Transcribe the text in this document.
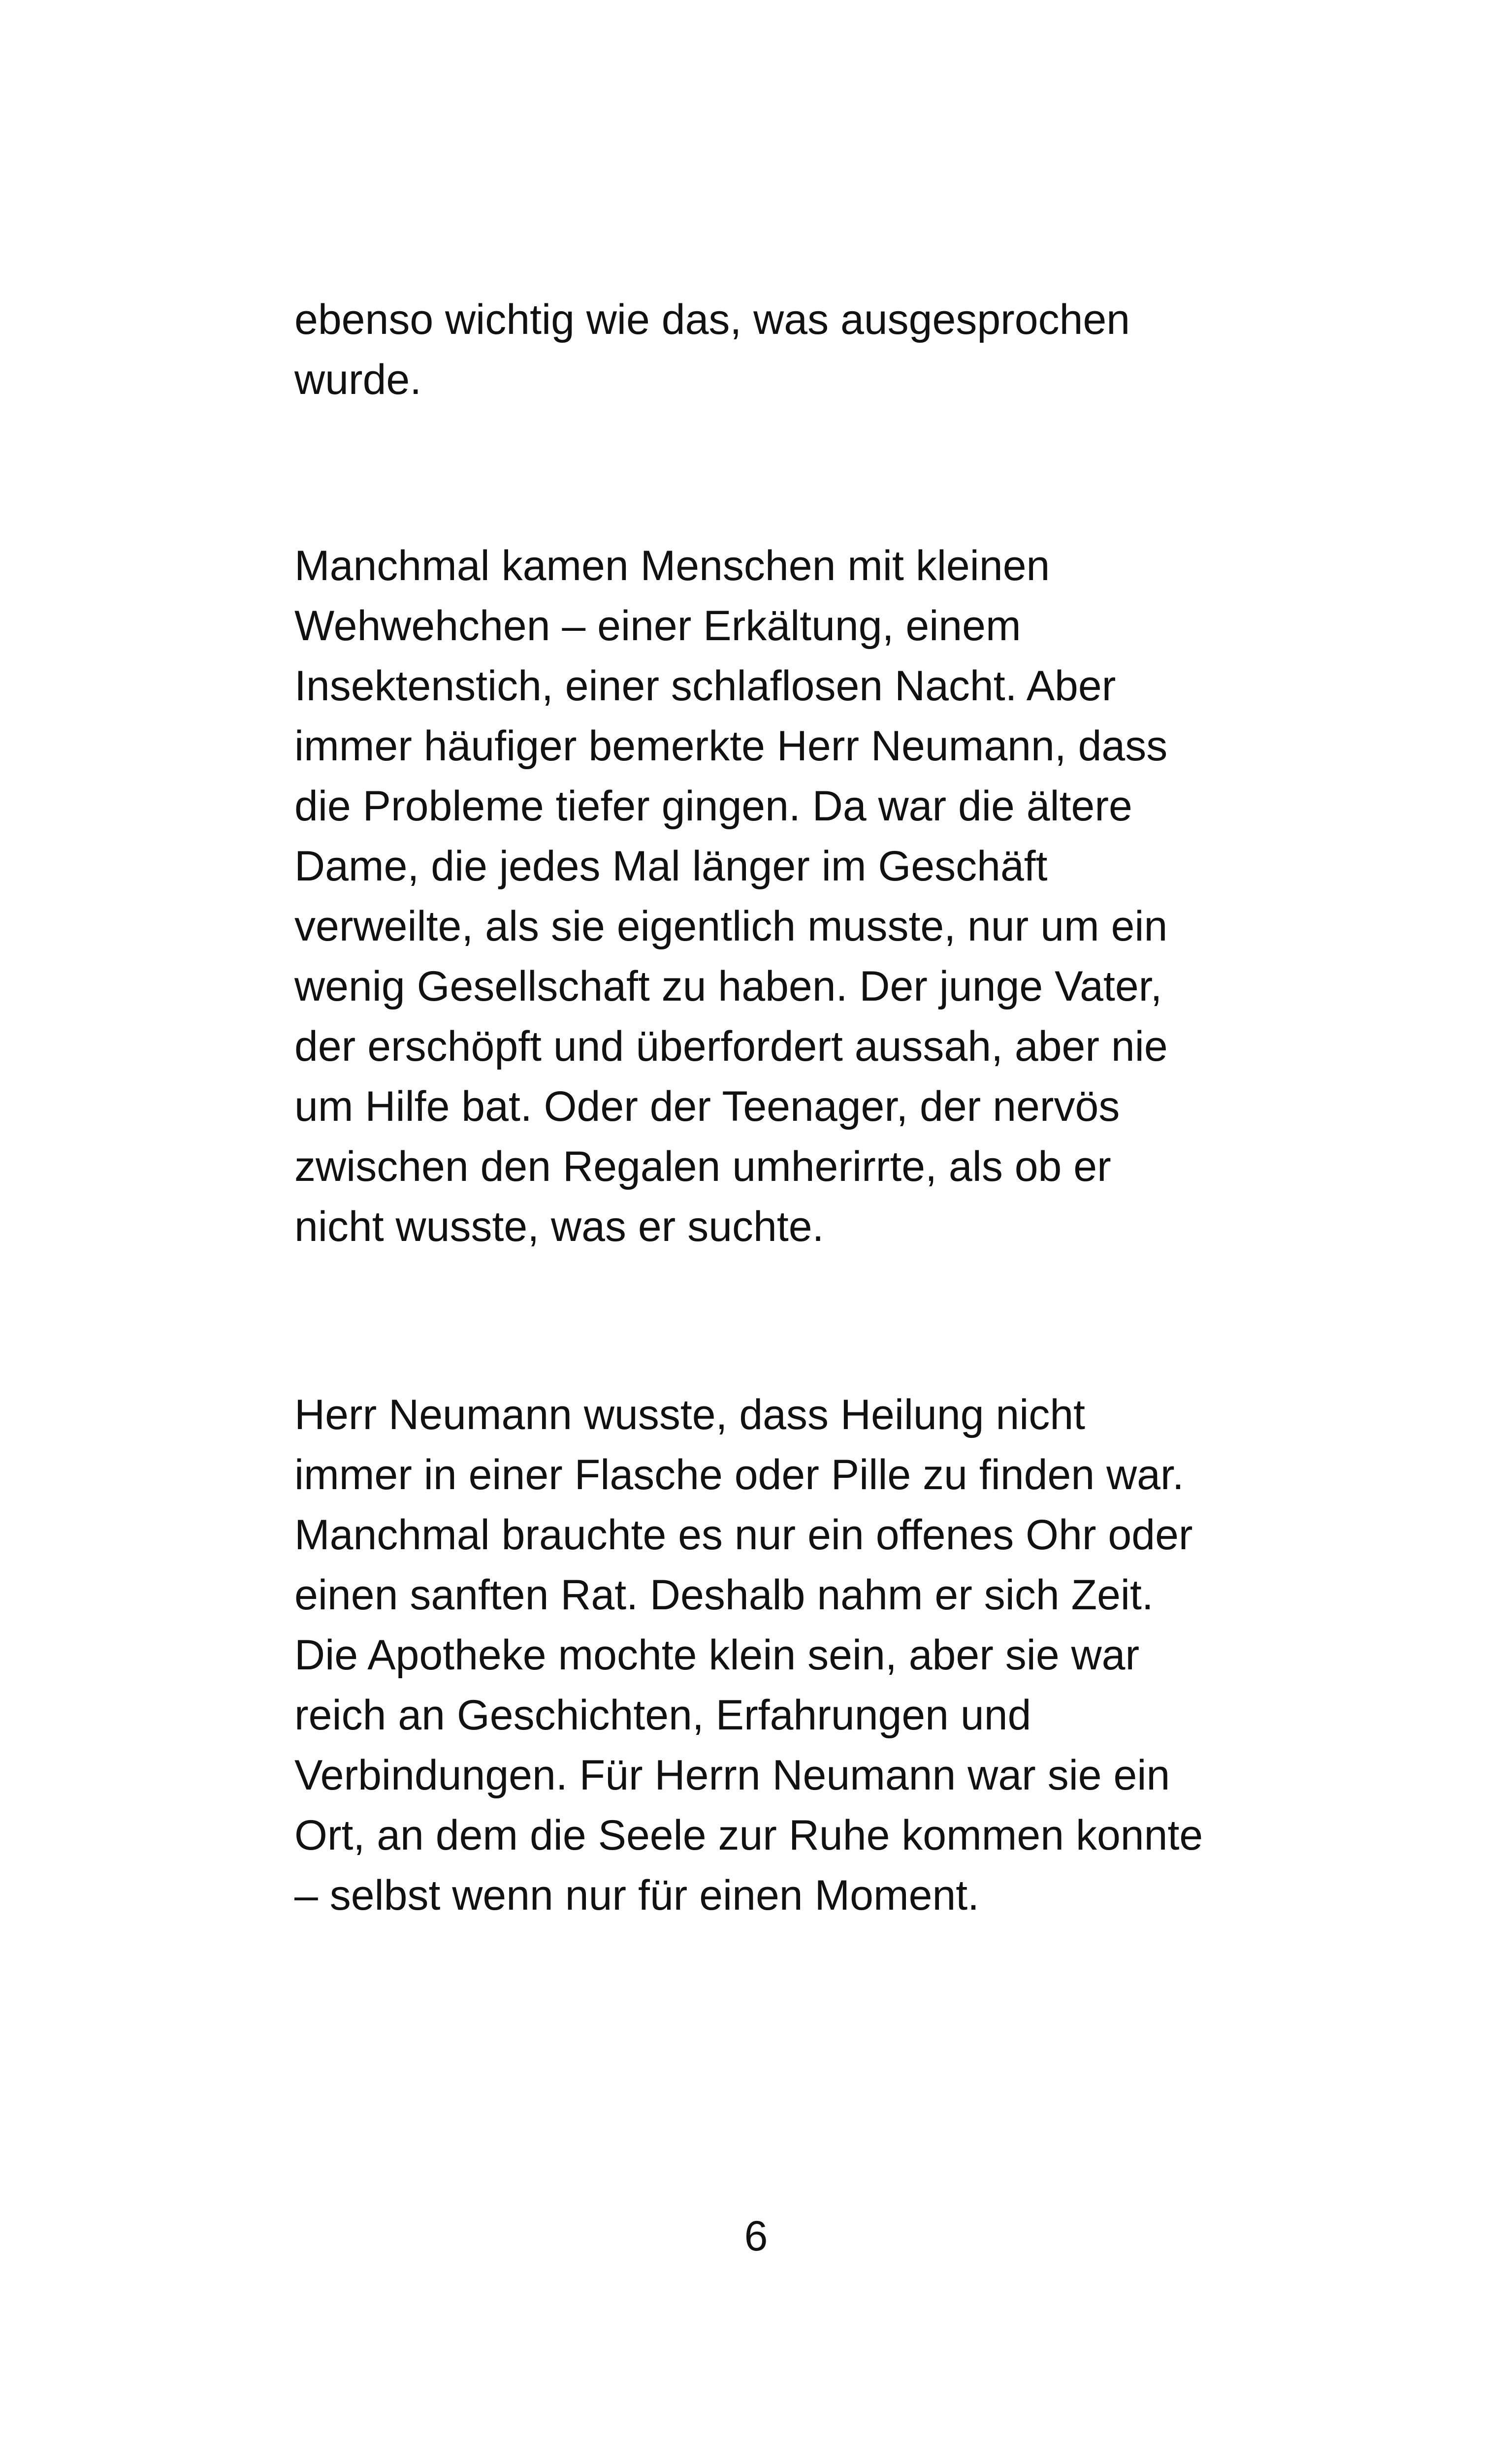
ebenso wichtig wie das, was ausgesprochen
wurde.

Manchmal kamen Menschen mit kleinen
Wehwehchen – einer Erkältung, einem
Insektenstich, einer schlaflosen Nacht. Aber
immer häufiger bemerkte Herr Neumann, dass
die Probleme tiefer gingen. Da war die ältere
Dame, die jedes Mal länger im Geschäft
verweilte, als sie eigentlich musste, nur um ein
wenig Gesellschaft zu haben. Der junge Vater,
der erschöpft und überfordert aussah, aber nie
um Hilfe bat. Oder der Teenager, der nervös
zwischen den Regalen umherirrte, als ob er
nicht wusste, was er suchte.

Herr Neumann wusste, dass Heilung nicht
immer in einer Flasche oder Pille zu finden war.
Manchmal brauchte es nur ein offenes Ohr oder
einen sanften Rat. Deshalb nahm er sich Zeit.
Die Apotheke mochte klein sein, aber sie war
reich an Geschichten, Erfahrungen und
Verbindungen. Für Herrn Neumann war sie ein
Ort, an dem die Seele zur Ruhe kommen konnte
– selbst wenn nur für einen Moment.

6
